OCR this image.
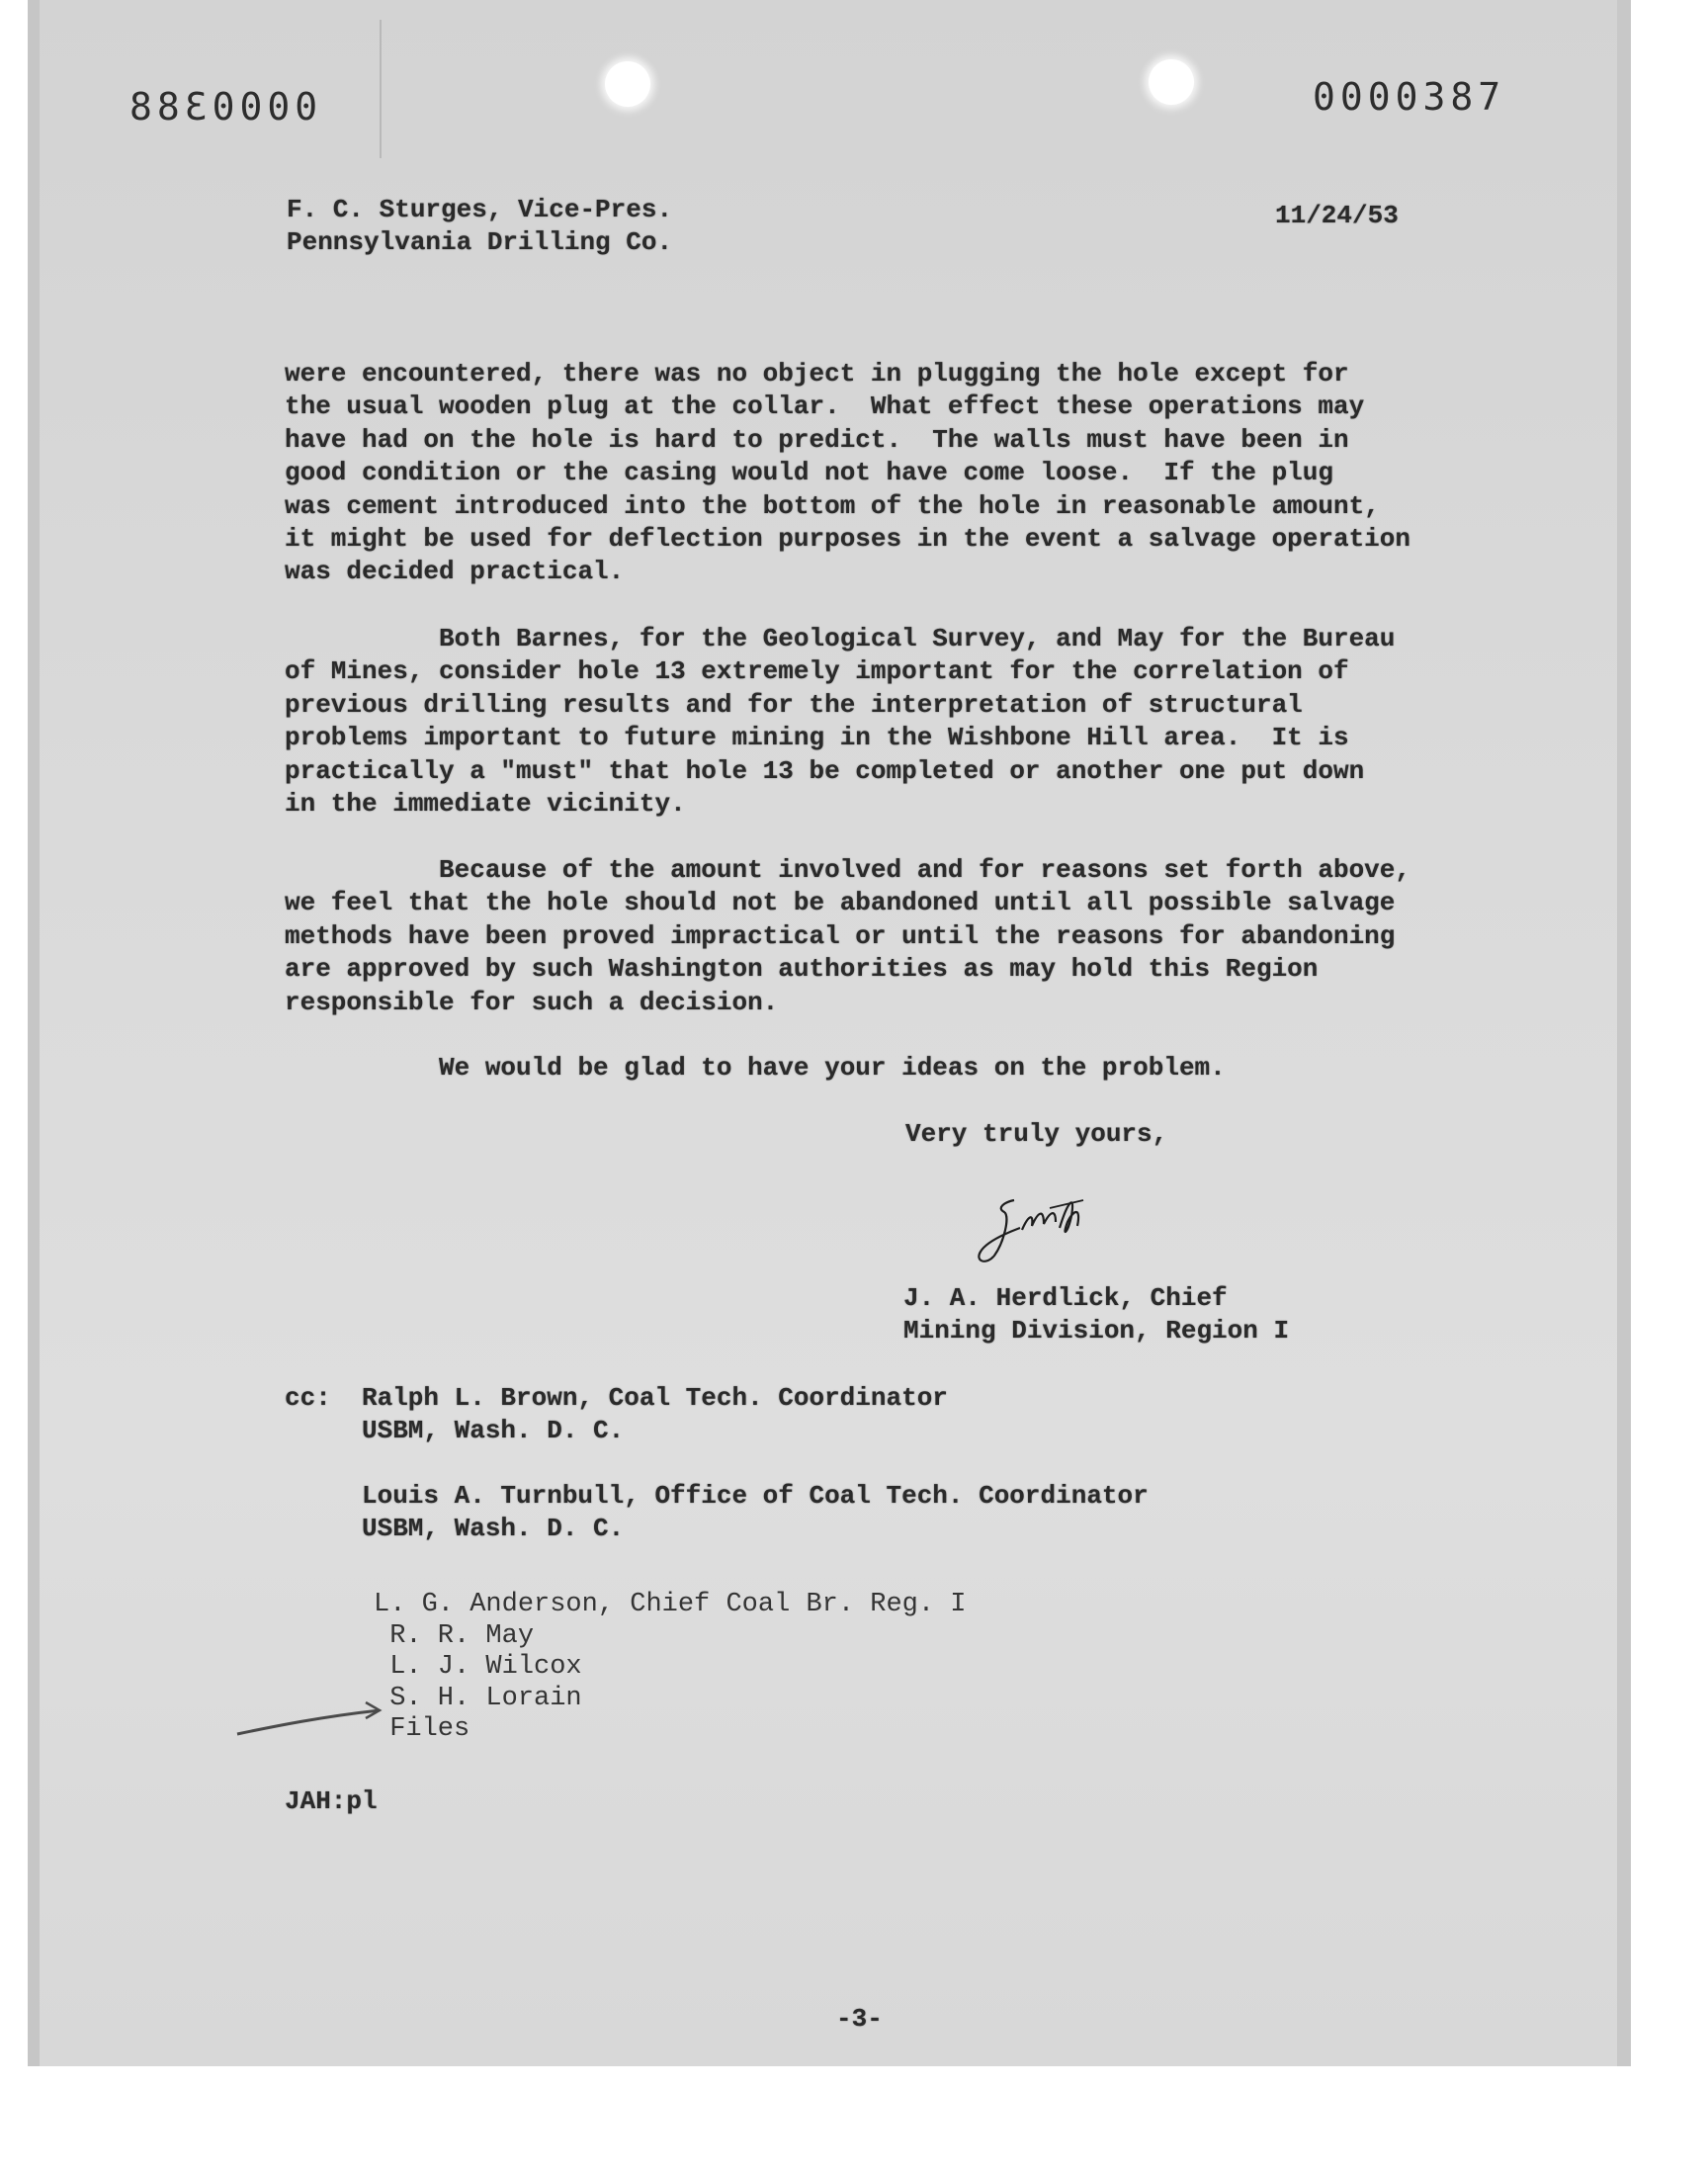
0000388	0000387
F. C. Sturges, Vice-Pres.
Pennsylvania Drilling Co.
11/24/53
were encountered, there was no object in plugging the hole except for
the usual wooden plug at the collar.  What effect these operations may
have had on the hole is hard to predict.  The walls must have been in
good condition or the casing would not have come loose.  If the plug
was cement introduced into the bottom of the hole in reasonable amount,
it might be used for deflection purposes in the event a salvage operation
was decided practical.
Both Barnes, for the Geological Survey, and May for the Bureau
of Mines, consider hole 13 extremely important for the correlation of
previous drilling results and for the interpretation of structural
problems important to future mining in the Wishbone Hill area.  It is
practically a "must" that hole 13 be completed or another one put down
in the immediate vicinity.
Because of the amount involved and for reasons set forth above,
we feel that the hole should not be abandoned until all possible salvage
methods have been proved impractical or until the reasons for abandoning
are approved by such Washington authorities as may hold this Region
responsible for such a decision.
We would be glad to have your ideas on the problem.
Very truly yours,
J. A. Herdlick, Chief
Mining Division, Region I
cc: Ralph L. Brown, Coal Tech. Coordinator
USBM, Wash. D. C.
Louis A. Turnbull, Office of Coal Tech. Coordinator
USBM, Wash. D. C.
L. G. Anderson, Chief Coal Br. Reg. I
R. R. May
L. J. Wilcox
S. H. Lorain
Files
JAH:pl
-3-
